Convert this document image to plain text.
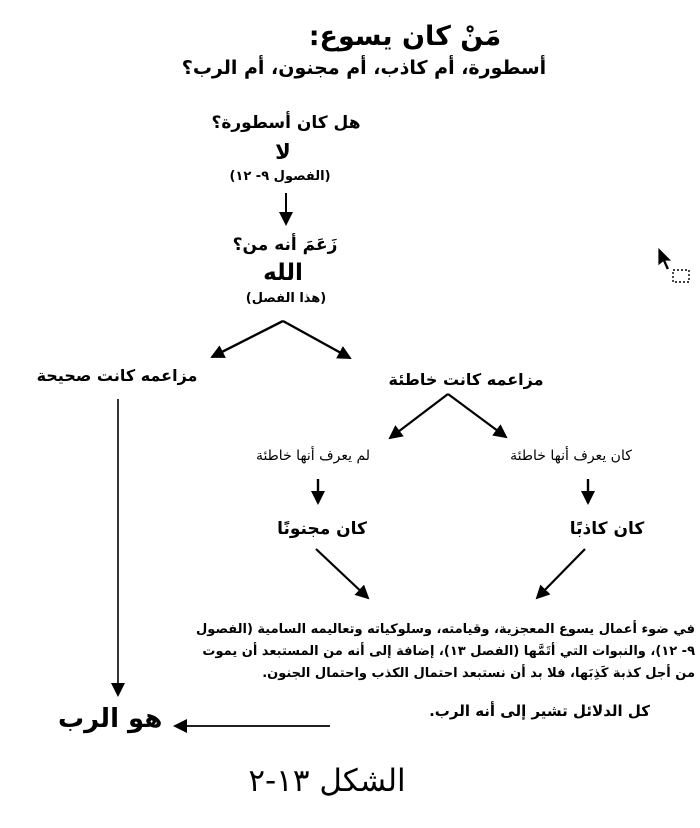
مَنْ كان يسوع:
أسطورة، أم كاذب، أم مجنون، أم الرب؟
هل كان أسطورة؟
لا
(الفصول ٩- ١٢)
زَعَمَ أنه من؟
الله
(هذا الفصل)
مزاعمه كانت صحيحة	مزاعمه كانت خاطئة
لم يعرف أنها خاطئة	كان يعرف أنها خاطئة
كان مجنونًا	كان كاذبًا
في ضوء أعمال يسوع المعجزية، وقيامته، وسلوكياته وتعاليمه السامية (الفصول
٩- ١٢)، والنبوات التي أتَمَّها (الفصل ١٣)، إضافة إلى أنه من المستبعد أن يموت
من أجل كذبة كَذِبَها، فلا بد أن نستبعد احتمال الكذب واحتمال الجنون.
كل الدلائل تشير إلى أنه الرب.
هو الرب
الشكل ١٣-٢
